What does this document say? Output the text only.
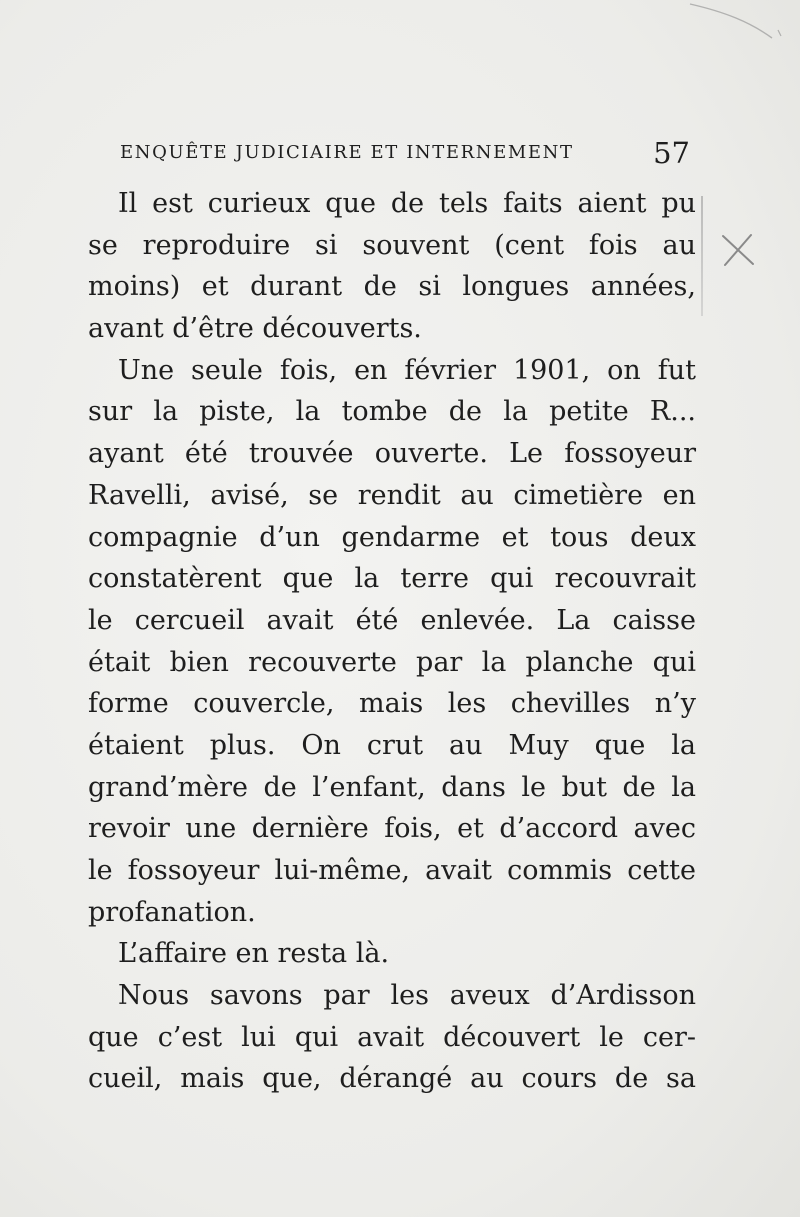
ENQUÊTE JUDICIAIRE ET INTERNEMENT	57
Il est curieux que de tels faits aient pu
se reproduire si souvent (cent fois au
moins) et durant de si longues années,
avant d’être découverts.
Une seule fois, en février 1901, on fut
sur la piste, la tombe de la petite R...
ayant été trouvée ouverte. Le fossoyeur
Ravelli, avisé, se rendit au cimetière en
compagnie d’un gendarme et tous deux
constatèrent que la terre qui recouvrait
le cercueil avait été enlevée. La caisse
était bien recouverte par la planche qui
forme couvercle, mais les chevilles n’y
étaient plus. On crut au Muy que la
grand’mère de l’enfant, dans le but de la
revoir une dernière fois, et d’accord avec
le fossoyeur lui-même, avait commis cette
profanation.
L’affaire en resta là.
Nous savons par les aveux d’Ardisson
que c’est lui qui avait découvert le cer-
cueil, mais que, dérangé au cours de sa
